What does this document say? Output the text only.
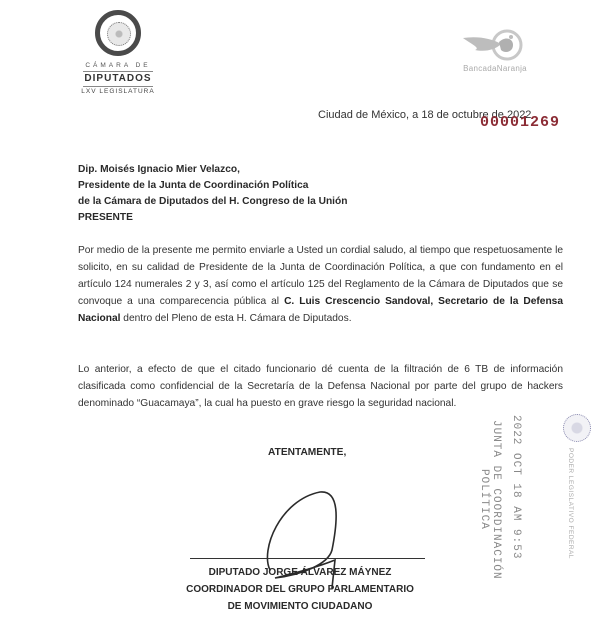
CÁMARA DE
DIPUTADOS
LXV LEGISLATURA
BancadaNaranja
Ciudad de México, a 18 de octubre de 2022
00001269
Dip. Moisés Ignacio Mier Velazco,
Presidente de la Junta de Coordinación Política
de la Cámara de Diputados del H. Congreso de la Unión
PRESENTE
Por medio de la presente me permito enviarle a Usted un cordial saludo, al tiempo que respetuosamente le solicito, en su calidad de Presidente de la Junta de Coordinación Política, a que con fundamento en el artículo 124 numerales 2 y 3, así como el artículo 125 del Reglamento de la Cámara de Diputados que se convoque a una comparecencia pública al C. Luis Crescencio Sandoval, Secretario de la Defensa Nacional dentro del Pleno de esta H. Cámara de Diputados.
Lo anterior, a efecto de que el citado funcionario dé cuenta de la filtración de 6 TB de información clasificada como confidencial de la Secretaría de la Defensa Nacional por parte del grupo de hackers denominado “Guacamaya”, la cual ha puesto en grave riesgo la seguridad nacional.
ATENTAMENTE,
DIPUTADO JORGE ÁLVAREZ MÁYNEZ
COORDINADOR DEL GRUPO PARLAMENTARIO
DE MOVIMIENTO CIUDADANO
JUNTA DE COORDINACIÓN
POLÍTICA 2022 OCT 18 AM 9:53	PODER LEGISLATIVO FEDERAL
